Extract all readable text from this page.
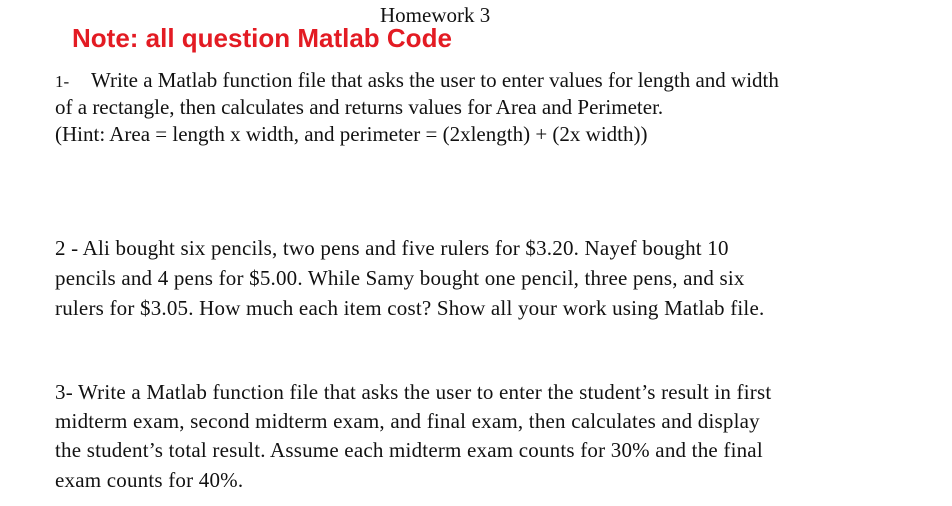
Homework 3
Note: all question Matlab Code
1- Write a Matlab function file that asks the user to enter values for length and width
of a rectangle, then calculates and returns values for Area and Perimeter.
(Hint: Area = length x width, and perimeter = (2xlength) + (2x width))
2 - Ali bought six pencils, two pens and five rulers for $3.20. Nayef bought 10
pencils and 4 pens for $5.00. While Samy bought one pencil, three pens, and six
rulers for $3.05. How much each item cost? Show all your work using Matlab file.
3- Write a Matlab function file that asks the user to enter the student’s result in first
midterm exam, second midterm exam, and final exam, then calculates and display
the student’s total result. Assume each midterm exam counts for 30% and the final
exam counts for 40%.
